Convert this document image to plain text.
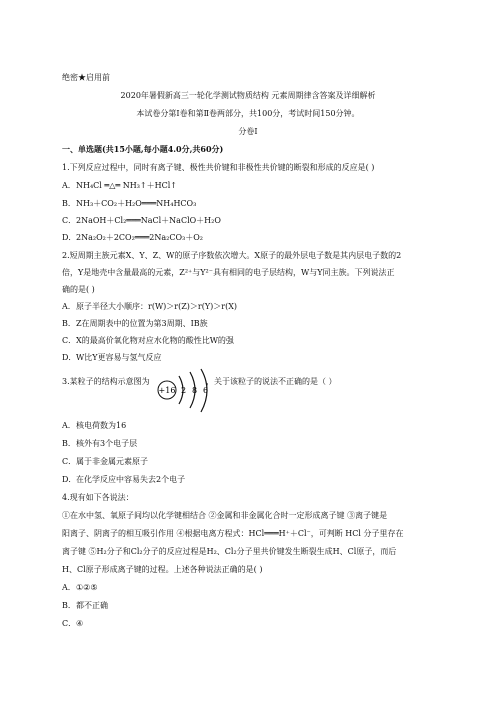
绝密★启用前
2020年暑假新高三一轮化学测试物质结构 元素周期律含答案及详细解析
本试卷分第Ⅰ卷和第Ⅱ卷两部分，共100分，考试时间150分钟。
分卷I
一、单选题(共15小题,每小题4.0分,共60分)
1.下列反应过程中，同时有离子键、极性共价键和非极性共价键的断裂和形成的反应是( )
A．NH₄Cl ═△═ NH₃↑＋HCl↑
B．NH₃＋CO₂＋H₂O═══NH₄HCO₃
C．2NaOH＋Cl₂═══NaCl＋NaClO＋H₂O
D．2Na₂O₂＋2CO₂═══2Na₂CO₃＋O₂
2.短周期主族元素X、Y、Z、W的原子序数依次增大。X原子的最外层电子数是其内层电子数的2
倍，Y是地壳中含量最高的元素，Z²⁺与Y²⁻具有相同的电子层结构，W与Y同主族。下列说法正
确的是( )
A．原子半径大小顺序：r(W)＞r(Z)＞r(Y)＞r(X)
3.某粒子的结构示意图为
+16 2 8 6
，关于该粒子的说法不正确的是（ ）
A．核电荷数为16
B．核外有3个电子层
C．属于非金属元素原子
D．在化学反应中容易失去2个电子
4.现有如下各说法：
①在水中氢、氧原子间均以化学键相结合 ②金属和非金属化合时一定形成离子键 ③离子键是
阳离子、阴离子的相互吸引作用 ④根据电离方程式：HCl═══H⁺＋Cl⁻，可判断 HCl 分子里存在
离子键 ⑤H₂分子和Cl₂分子的反应过程是H₂、Cl₂分子里共价键发生断裂生成H、Cl原子，而后
H、Cl原子形成离子键的过程。上述各种说法正确的是( )
A．①②⑤
B．都不正确
C．④
B．Z在周期表中的位置为第3周期、IB族
C．X的最高价氧化物对应水化物的酸性比W的强
D．W比Y更容易与氢气反应
